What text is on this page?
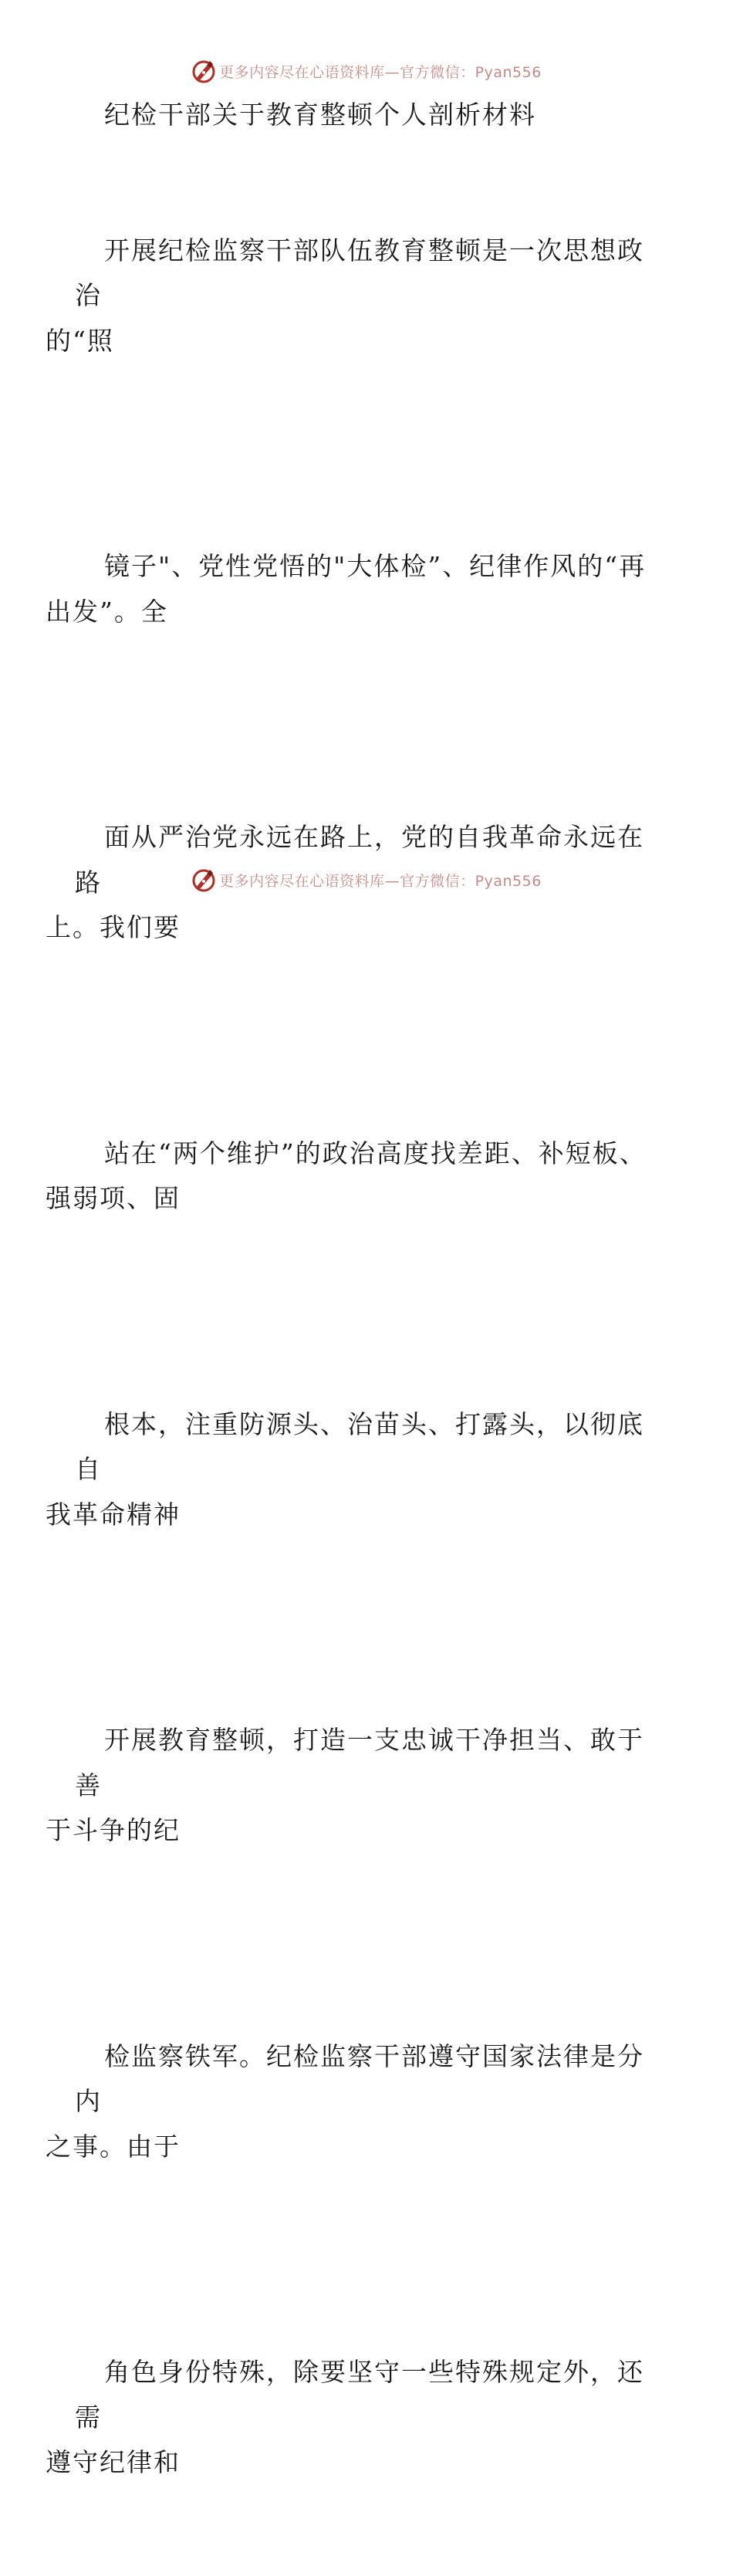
更多内容尽在心语资料库—官方微信：Pyan556

纪检干部关于教育整顿个人剖析材料

开展纪检监察干部队伍教育整顿是一次思想政治
的“照

镜子"、党性党悟的"大体检”、纪律作风的“再
出发”。全

面从严治党永远在路上，党的自我革命永远在路
上。我们要

站在“两个维护”的政治高度找差距、补短板、
强弱项、固

根本，注重防源头、治苗头、打露头，以彻底自
我革命精神

开展教育整顿，打造一支忠诚干净担当、敢于善
于斗争的纪

检监察铁军。纪检监察干部遵守国家法律是分内
之事。由于

角色身份特殊，除要坚守一些特殊规定外，还需
遵守纪律和

更多内容尽在心语资料库—官方微信：Pyan556
